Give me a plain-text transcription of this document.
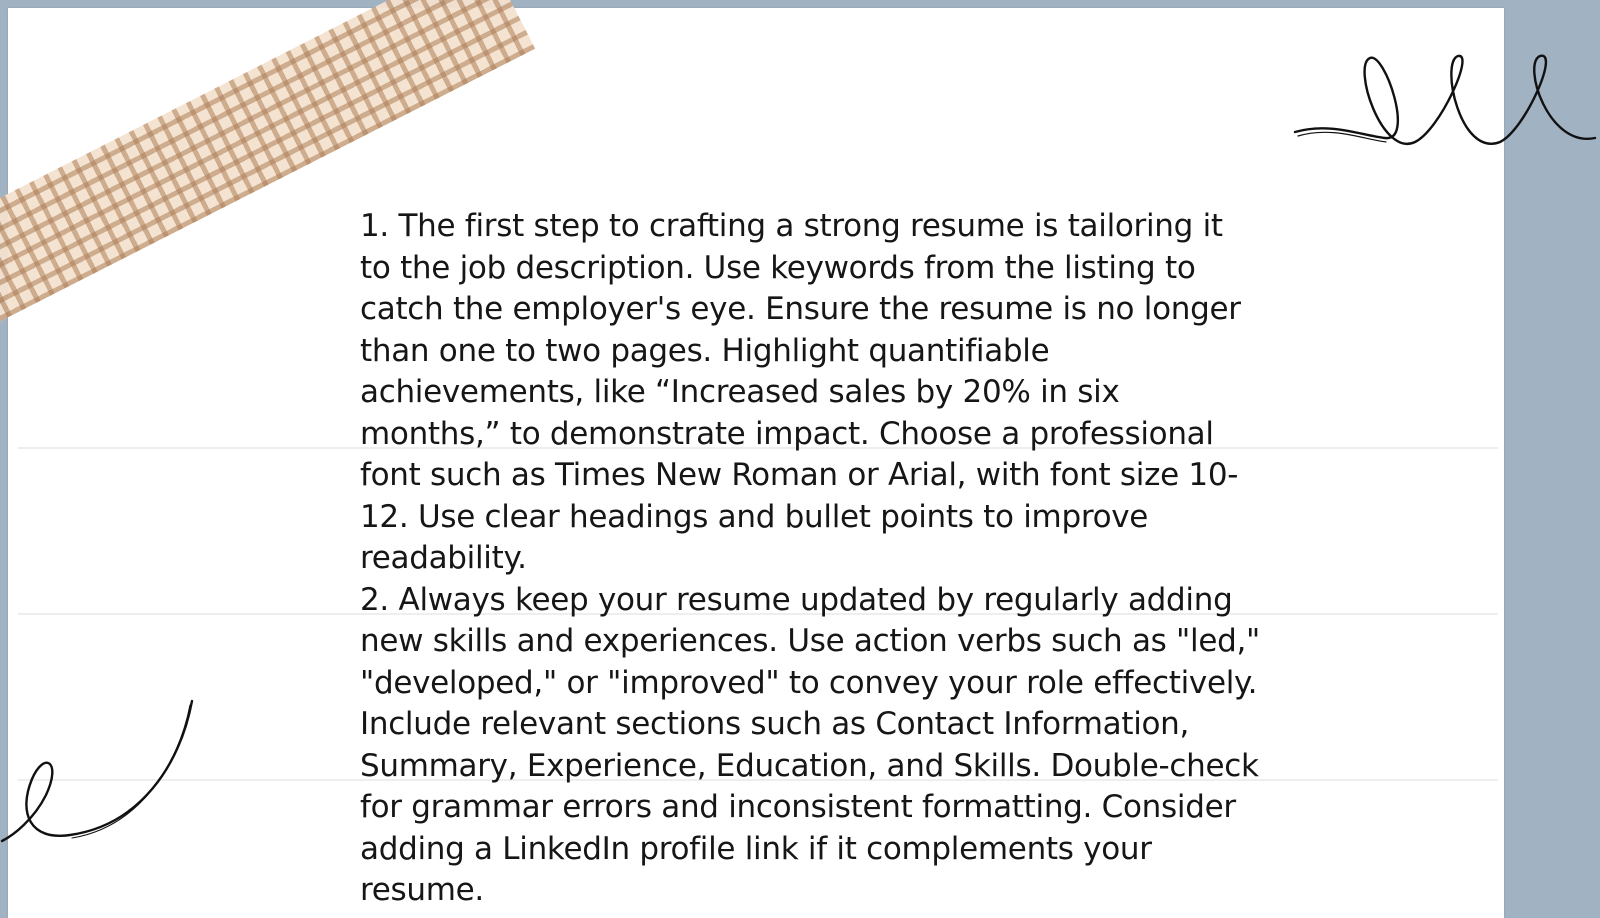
1. The first step to crafting a strong resume is tailoring it to the job description. Use keywords from the listing to catch the employer's eye. Ensure the resume is no longer than one to two pages. Highlight quantifiable achievements, like “Increased sales by 20% in six months,” to demonstrate impact. Choose a professional font such as Times New Roman or Arial, with font size 10-12. Use clear headings and bullet points to improve readability.

2. Always keep your resume updated by regularly adding new skills and experiences. Use action verbs such as "led," "developed," or "improved" to convey your role effectively. Include relevant sections such as Contact Information, Summary, Experience, Education, and Skills. Double-check for grammar errors and inconsistent formatting. Consider adding a LinkedIn profile link if it complements your resume.
